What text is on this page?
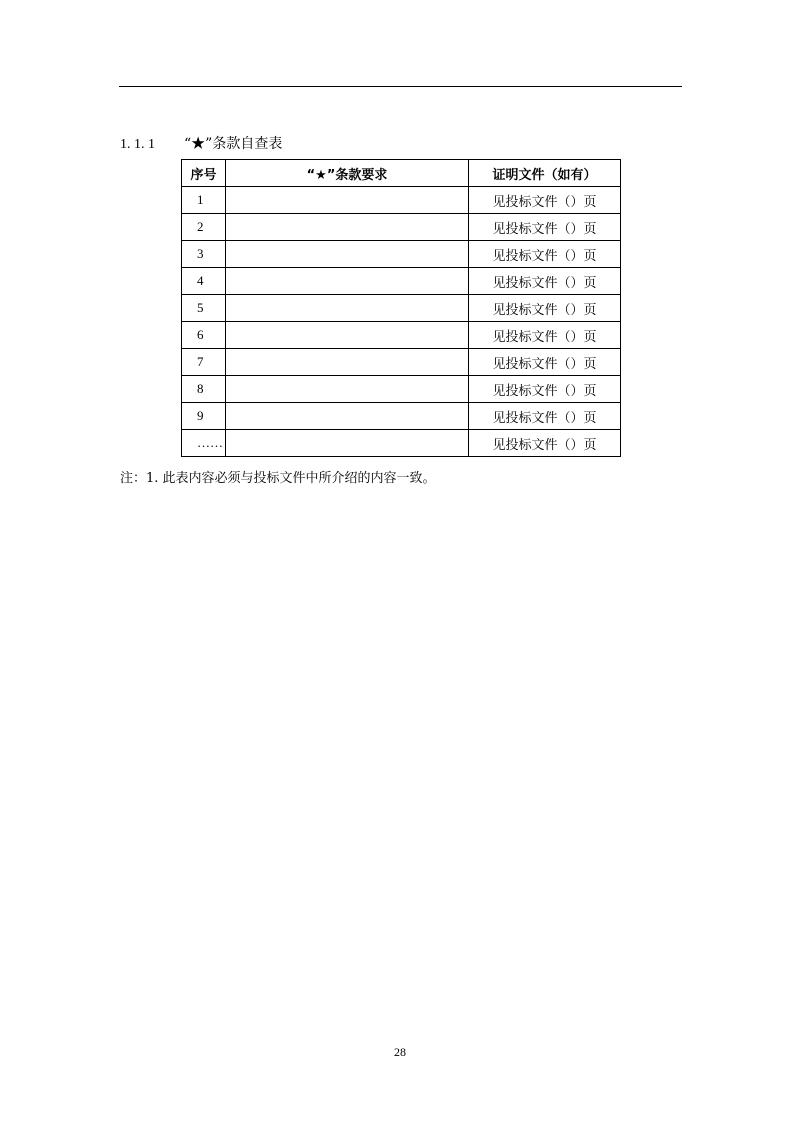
1. 1. 1 “★”条款自查表
序号	“★”条款要求	证明文件（如有）
1		见投标文件（）页
2		见投标文件（）页
3		见投标文件（）页
4		见投标文件（）页
5		见投标文件（）页
6		见投标文件（）页
7		见投标文件（）页
8		见投标文件（）页
9		见投标文件（）页
……		见投标文件（）页
注：1. 此表内容必须与投标文件中所介绍的内容一致。
28
